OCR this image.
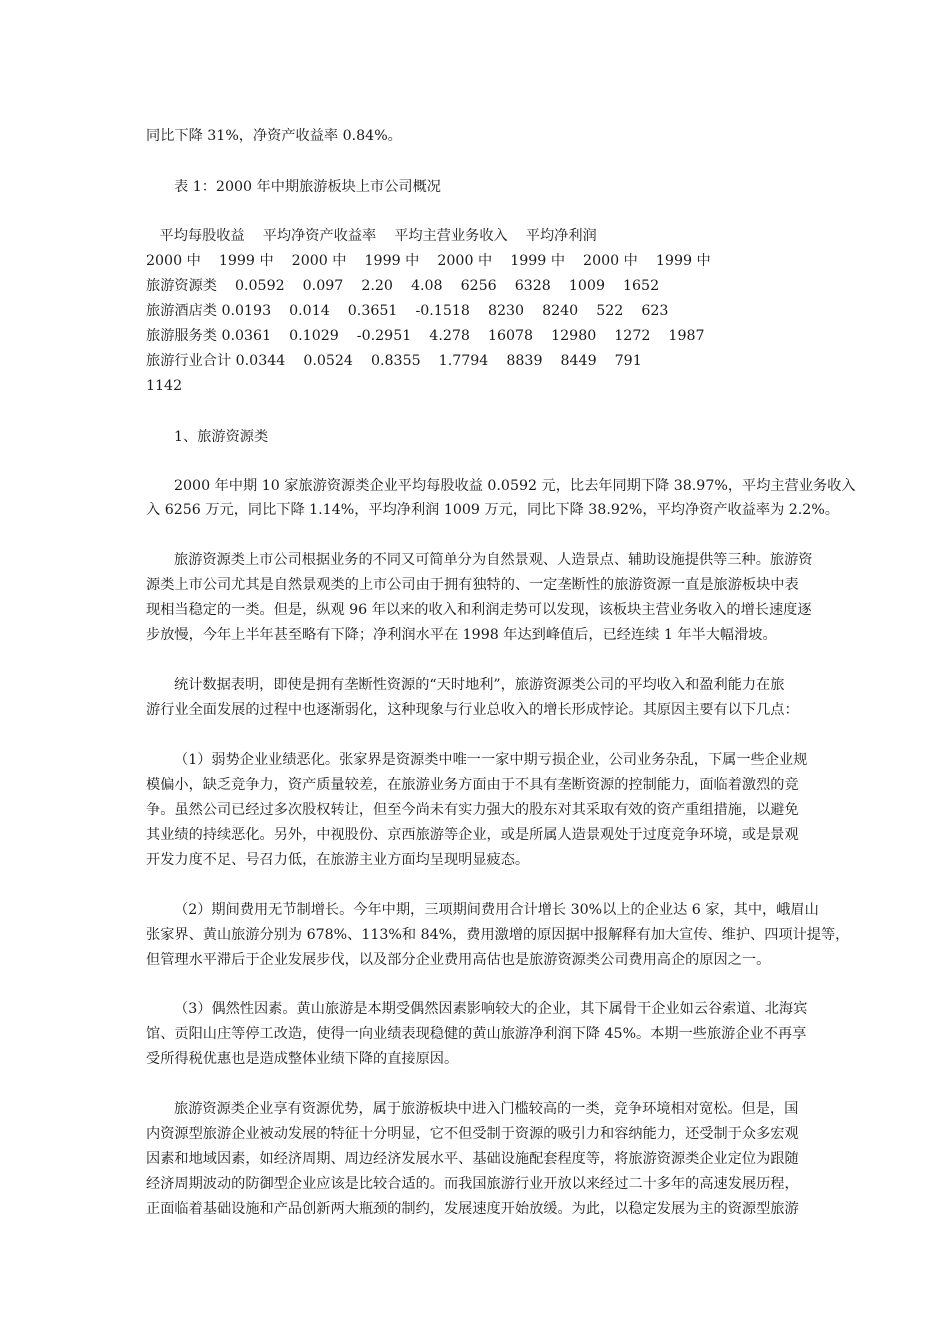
同比下降 31%，净资产收益率 0.84%。
表 1：2000 年中期旅游板块上市公司概况
平均每股收益    平均净资产收益率    平均主营业务收入    平均净利润
2000 中    1999 中    2000 中    1999 中    2000 中    1999 中    2000 中    1999 中
旅游资源类    0.0592    0.097    2.20    4.08    6256    6328    1009    1652
旅游酒店类 0.0193    0.014    0.3651    -0.1518    8230    8240    522    623
旅游服务类 0.0361    0.1029    -0.2951    4.278    16078    12980    1272    1987
旅游行业合计 0.0344    0.0524    0.8355    1.7794    8839    8449    791
1142
1、旅游资源类
2000 年中期 10 家旅游资源类企业平均每股收益 0.0592 元，比去年同期下降 38.97%，平均主营业务收入
入 6256 万元，同比下降 1.14%，平均净利润 1009 万元，同比下降 38.92%，平均净资产收益率为 2.2%。
旅游资源类上市公司根据业务的不同又可简单分为自然景观、人造景点、辅助设施提供等三种。旅游资
源类上市公司尤其是自然景观类的上市公司由于拥有独特的、一定垄断性的旅游资源一直是旅游板块中表
现相当稳定的一类。但是，纵观 96 年以来的收入和利润走势可以发现，该板块主营业务收入的增长速度逐
步放慢，今年上半年甚至略有下降；净利润水平在 1998 年达到峰值后，已经连续 1 年半大幅滑坡。
统计数据表明，即使是拥有垄断性资源的“天时地利”，旅游资源类公司的平均收入和盈利能力在旅
游行业全面发展的过程中也逐渐弱化，这种现象与行业总收入的增长形成悖论。其原因主要有以下几点：
（1）弱势企业业绩恶化。张家界是资源类中唯一一家中期亏损企业，公司业务杂乱，下属一些企业规
模偏小，缺乏竞争力，资产质量较差，在旅游业务方面由于不具有垄断资源的控制能力，面临着激烈的竞
争。虽然公司已经过多次股权转让，但至今尚未有实力强大的股东对其采取有效的资产重组措施，以避免
其业绩的持续恶化。另外，中视股份、京西旅游等企业，或是所属人造景观处于过度竞争环境，或是景观
开发力度不足、号召力低，在旅游主业方面均呈现明显疲态。
（2）期间费用无节制增长。今年中期，三项期间费用合计增长 30%以上的企业达 6 家，其中，峨眉山
张家界、黄山旅游分别为 678%、113%和 84%，费用激增的原因据中报解释有加大宣传、维护、四项计提等，
但管理水平滞后于企业发展步伐，以及部分企业费用高估也是旅游资源类公司费用高企的原因之一。
（3）偶然性因素。黄山旅游是本期受偶然因素影响较大的企业，其下属骨干企业如云谷索道、北海宾
馆、贡阳山庄等停工改造，使得一向业绩表现稳健的黄山旅游净利润下降 45%。本期一些旅游企业不再享
受所得税优惠也是造成整体业绩下降的直接原因。
旅游资源类企业享有资源优势，属于旅游板块中进入门槛较高的一类，竞争环境相对宽松。但是，国
内资源型旅游企业被动发展的特征十分明显，它不但受制于资源的吸引力和容纳能力，还受制于众多宏观
因素和地域因素，如经济周期、周边经济发展水平、基础设施配套程度等，将旅游资源类企业定位为跟随
经济周期波动的防御型企业应该是比较合适的。而我国旅游行业开放以来经过二十多年的高速发展历程，
正面临着基础设施和产品创新两大瓶颈的制约，发展速度开始放缓。为此，以稳定发展为主的资源型旅游
